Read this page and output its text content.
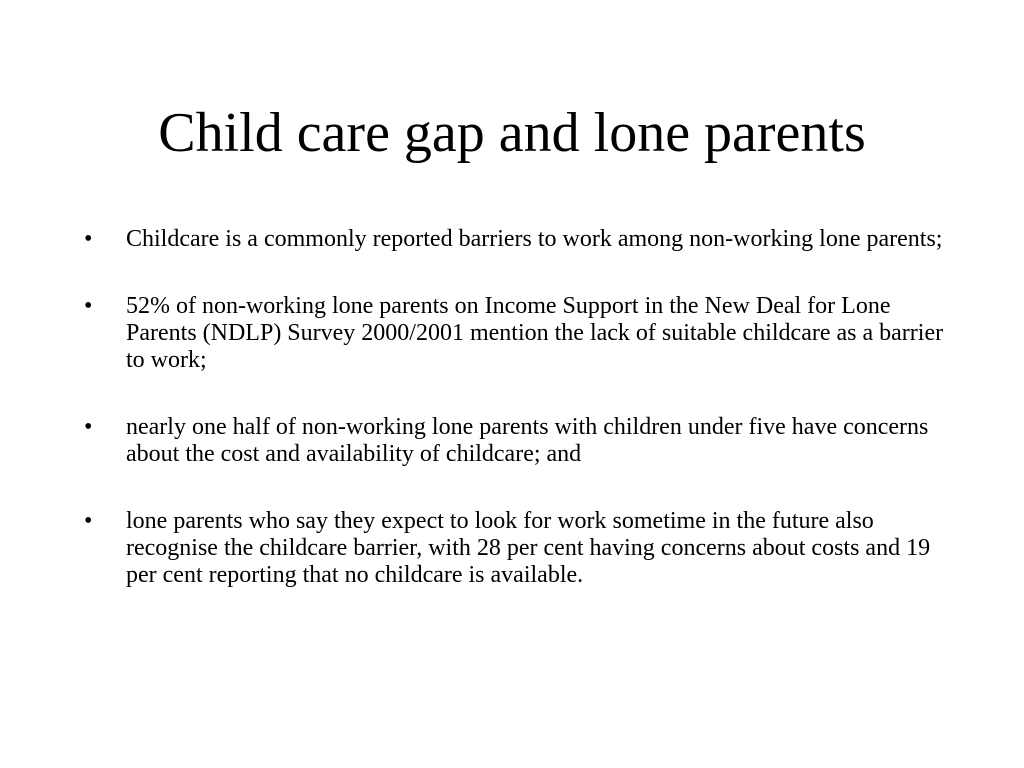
Child care gap and lone parents
•	Childcare is a commonly reported barriers to work among non-working lone parents;
•	52% of non-working lone parents on Income Support in the New Deal for Lone Parents (NDLP) Survey 2000/2001 mention the lack of suitable childcare as a barrier to work;
•	nearly one half of non-working lone parents with children under five have concerns about the cost and availability of childcare; and
•	lone parents who say they expect to look for work sometime in the future also recognise the childcare barrier, with 28 per cent having concerns about costs and 19 per cent reporting that no childcare is available.
